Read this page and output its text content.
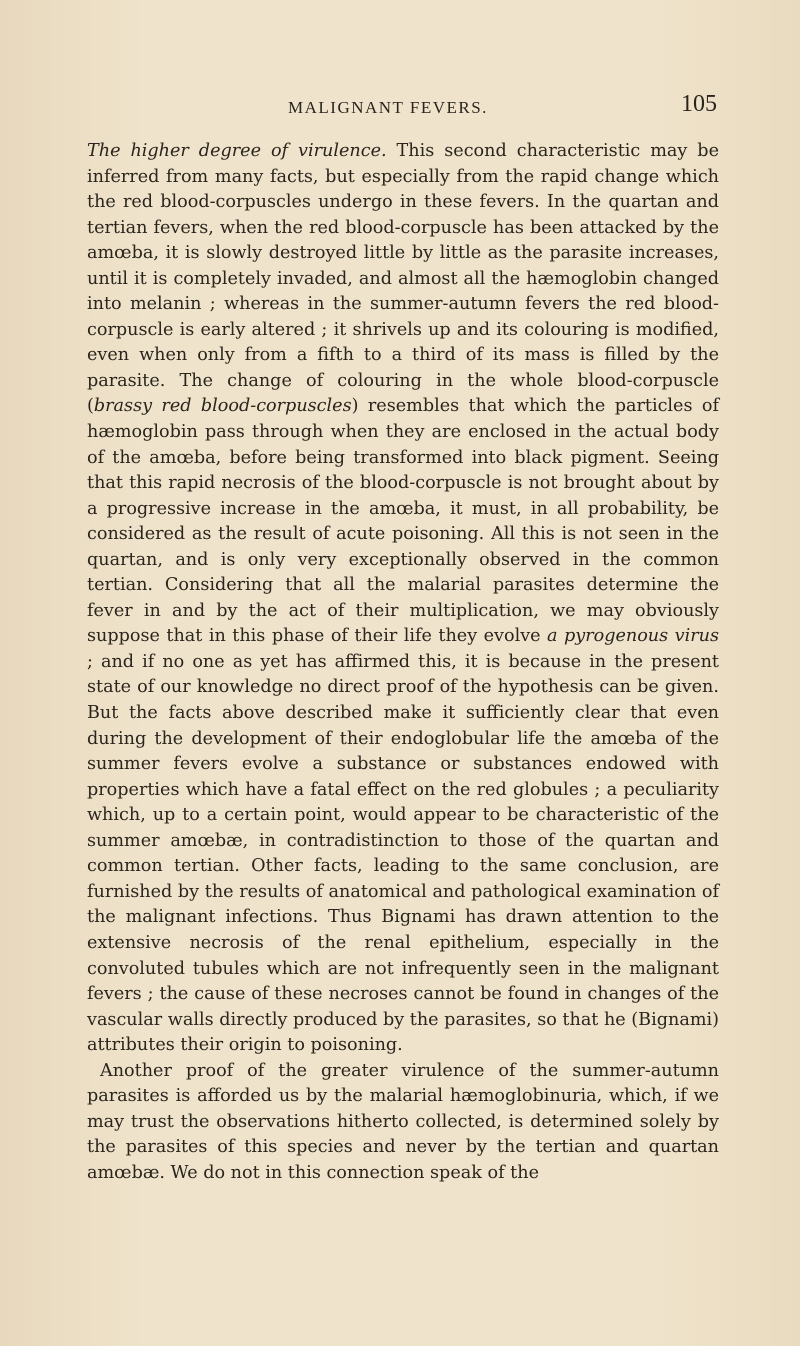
MALIGNANT FEVERS.	105

The higher degree of virulence. This second characteristic may be inferred from many facts, but especially from the rapid change which the red blood-corpuscles undergo in these fevers. In the quartan and tertian fevers, when the red blood-corpuscle has been attacked by the amœba, it is slowly destroyed little by little as the parasite increases, until it is completely invaded, and almost all the hæmoglobin changed into melanin ; whereas in the summer-autumn fevers the red blood-corpuscle is early altered ; it shrivels up and its colouring is modified, even when only from a fifth to a third of its mass is filled by the parasite. The change of colouring in the whole blood-corpuscle (brassy red blood-corpuscles) resembles that which the particles of hæmoglobin pass through when they are enclosed in the actual body of the amœba, before being transformed into black pigment. Seeing that this rapid necrosis of the blood-corpuscle is not brought about by a progressive increase in the amœba, it must, in all probability, be considered as the result of acute poisoning. All this is not seen in the quartan, and is only very exceptionally observed in the common tertian. Considering that all the malarial parasites determine the fever in and by the act of their multiplication, we may obviously suppose that in this phase of their life they evolve a pyrogenous virus ; and if no one as yet has affirmed this, it is because in the present state of our knowledge no direct proof of the hypothesis can be given. But the facts above described make it sufficiently clear that even during the development of their endoglobular life the amœba of the summer fevers evolve a substance or substances endowed with properties which have a fatal effect on the red globules ; a peculiarity which, up to a certain point, would appear to be characteristic of the summer amœbæ, in contradistinction to those of the quartan and common tertian. Other facts, leading to the same conclusion, are furnished by the results of anatomical and pathological examination of the malignant infections. Thus Bignami has drawn attention to the extensive necrosis of the renal epithelium, especially in the convoluted tubules which are not infrequently seen in the malignant fevers ; the cause of these necroses cannot be found in changes of the vascular walls directly produced by the parasites, so that he (Bignami) attributes their origin to poisoning.

Another proof of the greater virulence of the summer-autumn parasites is afforded us by the malarial hæmoglobinuria, which, if we may trust the observations hitherto collected, is determined solely by the parasites of this species and never by the tertian and quartan amœbæ. We do not in this connection speak of the
